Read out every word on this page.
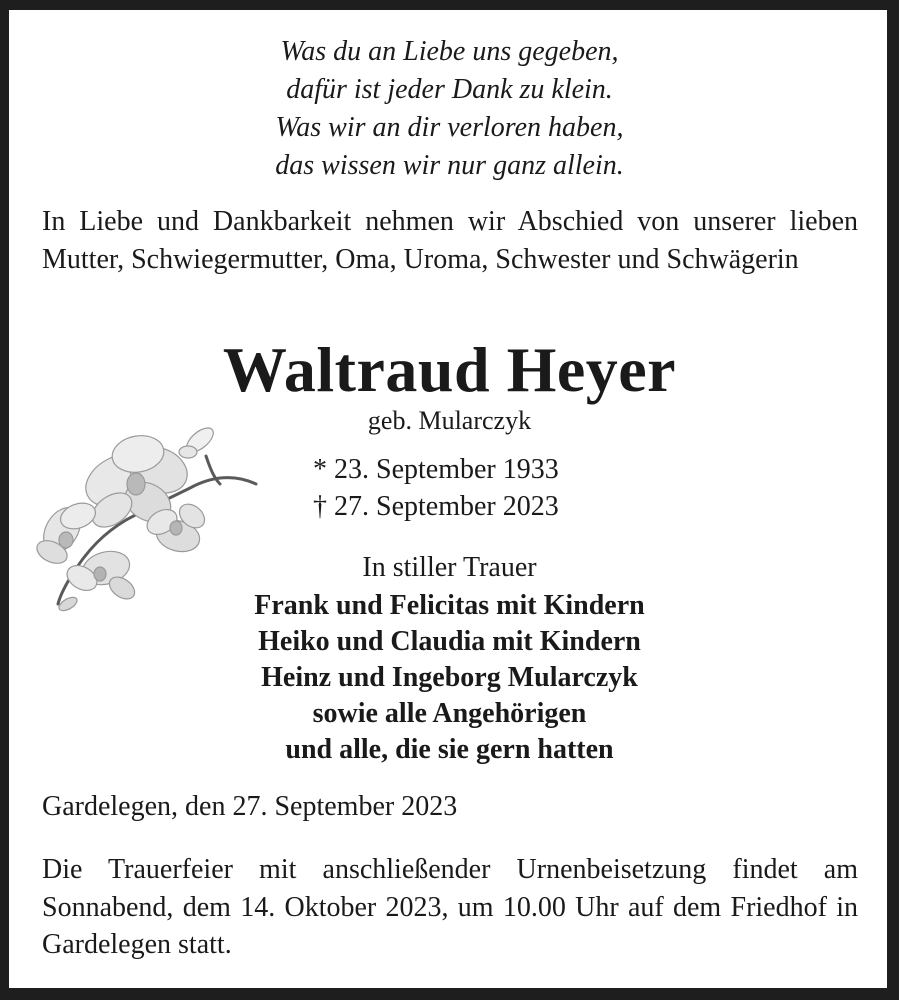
Was du an Liebe uns gegeben,
dafür ist jeder Dank zu klein.
Was wir an dir verloren haben,
das wissen wir nur ganz allein.
In Liebe und Dankbarkeit nehmen wir Abschied von unserer lieben Mutter, Schwiegermutter, Oma, Uroma, Schwester und Schwägerin
Waltraud Heyer
geb. Mularczyk
* 23. September 1933
† 27. September 2023
In stiller Trauer
Frank und Felicitas mit Kindern
Heiko und Claudia mit Kindern
Heinz und Ingeborg Mularczyk
sowie alle Angehörigen
und alle, die sie gern hatten
Gardelegen, den 27. September 2023
Die Trauerfeier mit anschließender Urnenbeisetzung findet am Sonnabend, dem 14. Oktober 2023, um 10.00 Uhr auf dem Friedhof in Gardelegen statt.
